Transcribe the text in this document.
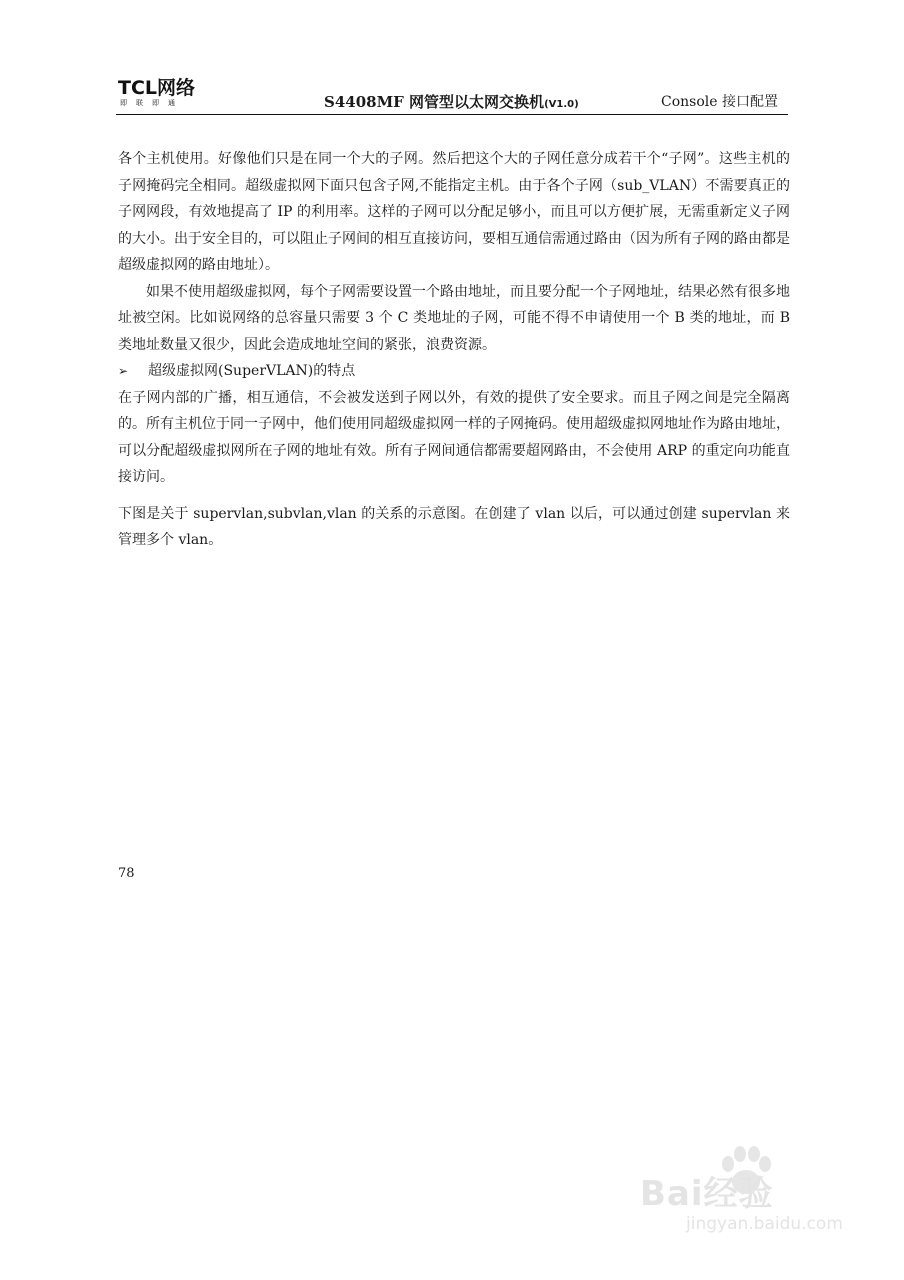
TCL网络
即联即通	S4408MF 网管型以太网交换机(V1.0)	Console 接口配置

各个主机使用。好像他们只是在同一个大的子网。然后把这个大的子网任意分成若干个“子网”。这些主机的子网掩码完全相同。超级虚拟网下面只包含子网,不能指定主机。由于各个子网（sub_VLAN）不需要真正的子网网段，有效地提高了 IP 的利用率。这样的子网可以分配足够小，而且可以方便扩展，无需重新定义子网的大小。出于安全目的，可以阻止子网间的相互直接访问，要相互通信需通过路由（因为所有子网的路由都是超级虚拟网的路由地址）。

如果不使用超级虚拟网，每个子网需要设置一个路由地址，而且要分配一个子网地址，结果必然有很多地址被空闲。比如说网络的总容量只需要 3 个 C 类地址的子网，可能不得不申请使用一个 B 类的地址，而 B 类地址数量又很少，因此会造成地址空间的紧张，浪费资源。

➢	超级虚拟网(SuperVLAN)的特点

在子网内部的广播，相互通信，不会被发送到子网以外，有效的提供了安全要求。而且子网之间是完全隔离的。所有主机位于同一子网中，他们使用同超级虚拟网一样的子网掩码。使用超级虚拟网地址作为路由地址，可以分配超级虚拟网所在子网的地址有效。所有子网间通信都需要超网路由，不会使用 ARP 的重定向功能直接访问。

下图是关于 supervlan,subvlan,vlan 的关系的示意图。在创建了 vlan 以后，可以通过创建 supervlan 来管理多个 vlan。

78
Bai经验
jingyan.baidu.com
